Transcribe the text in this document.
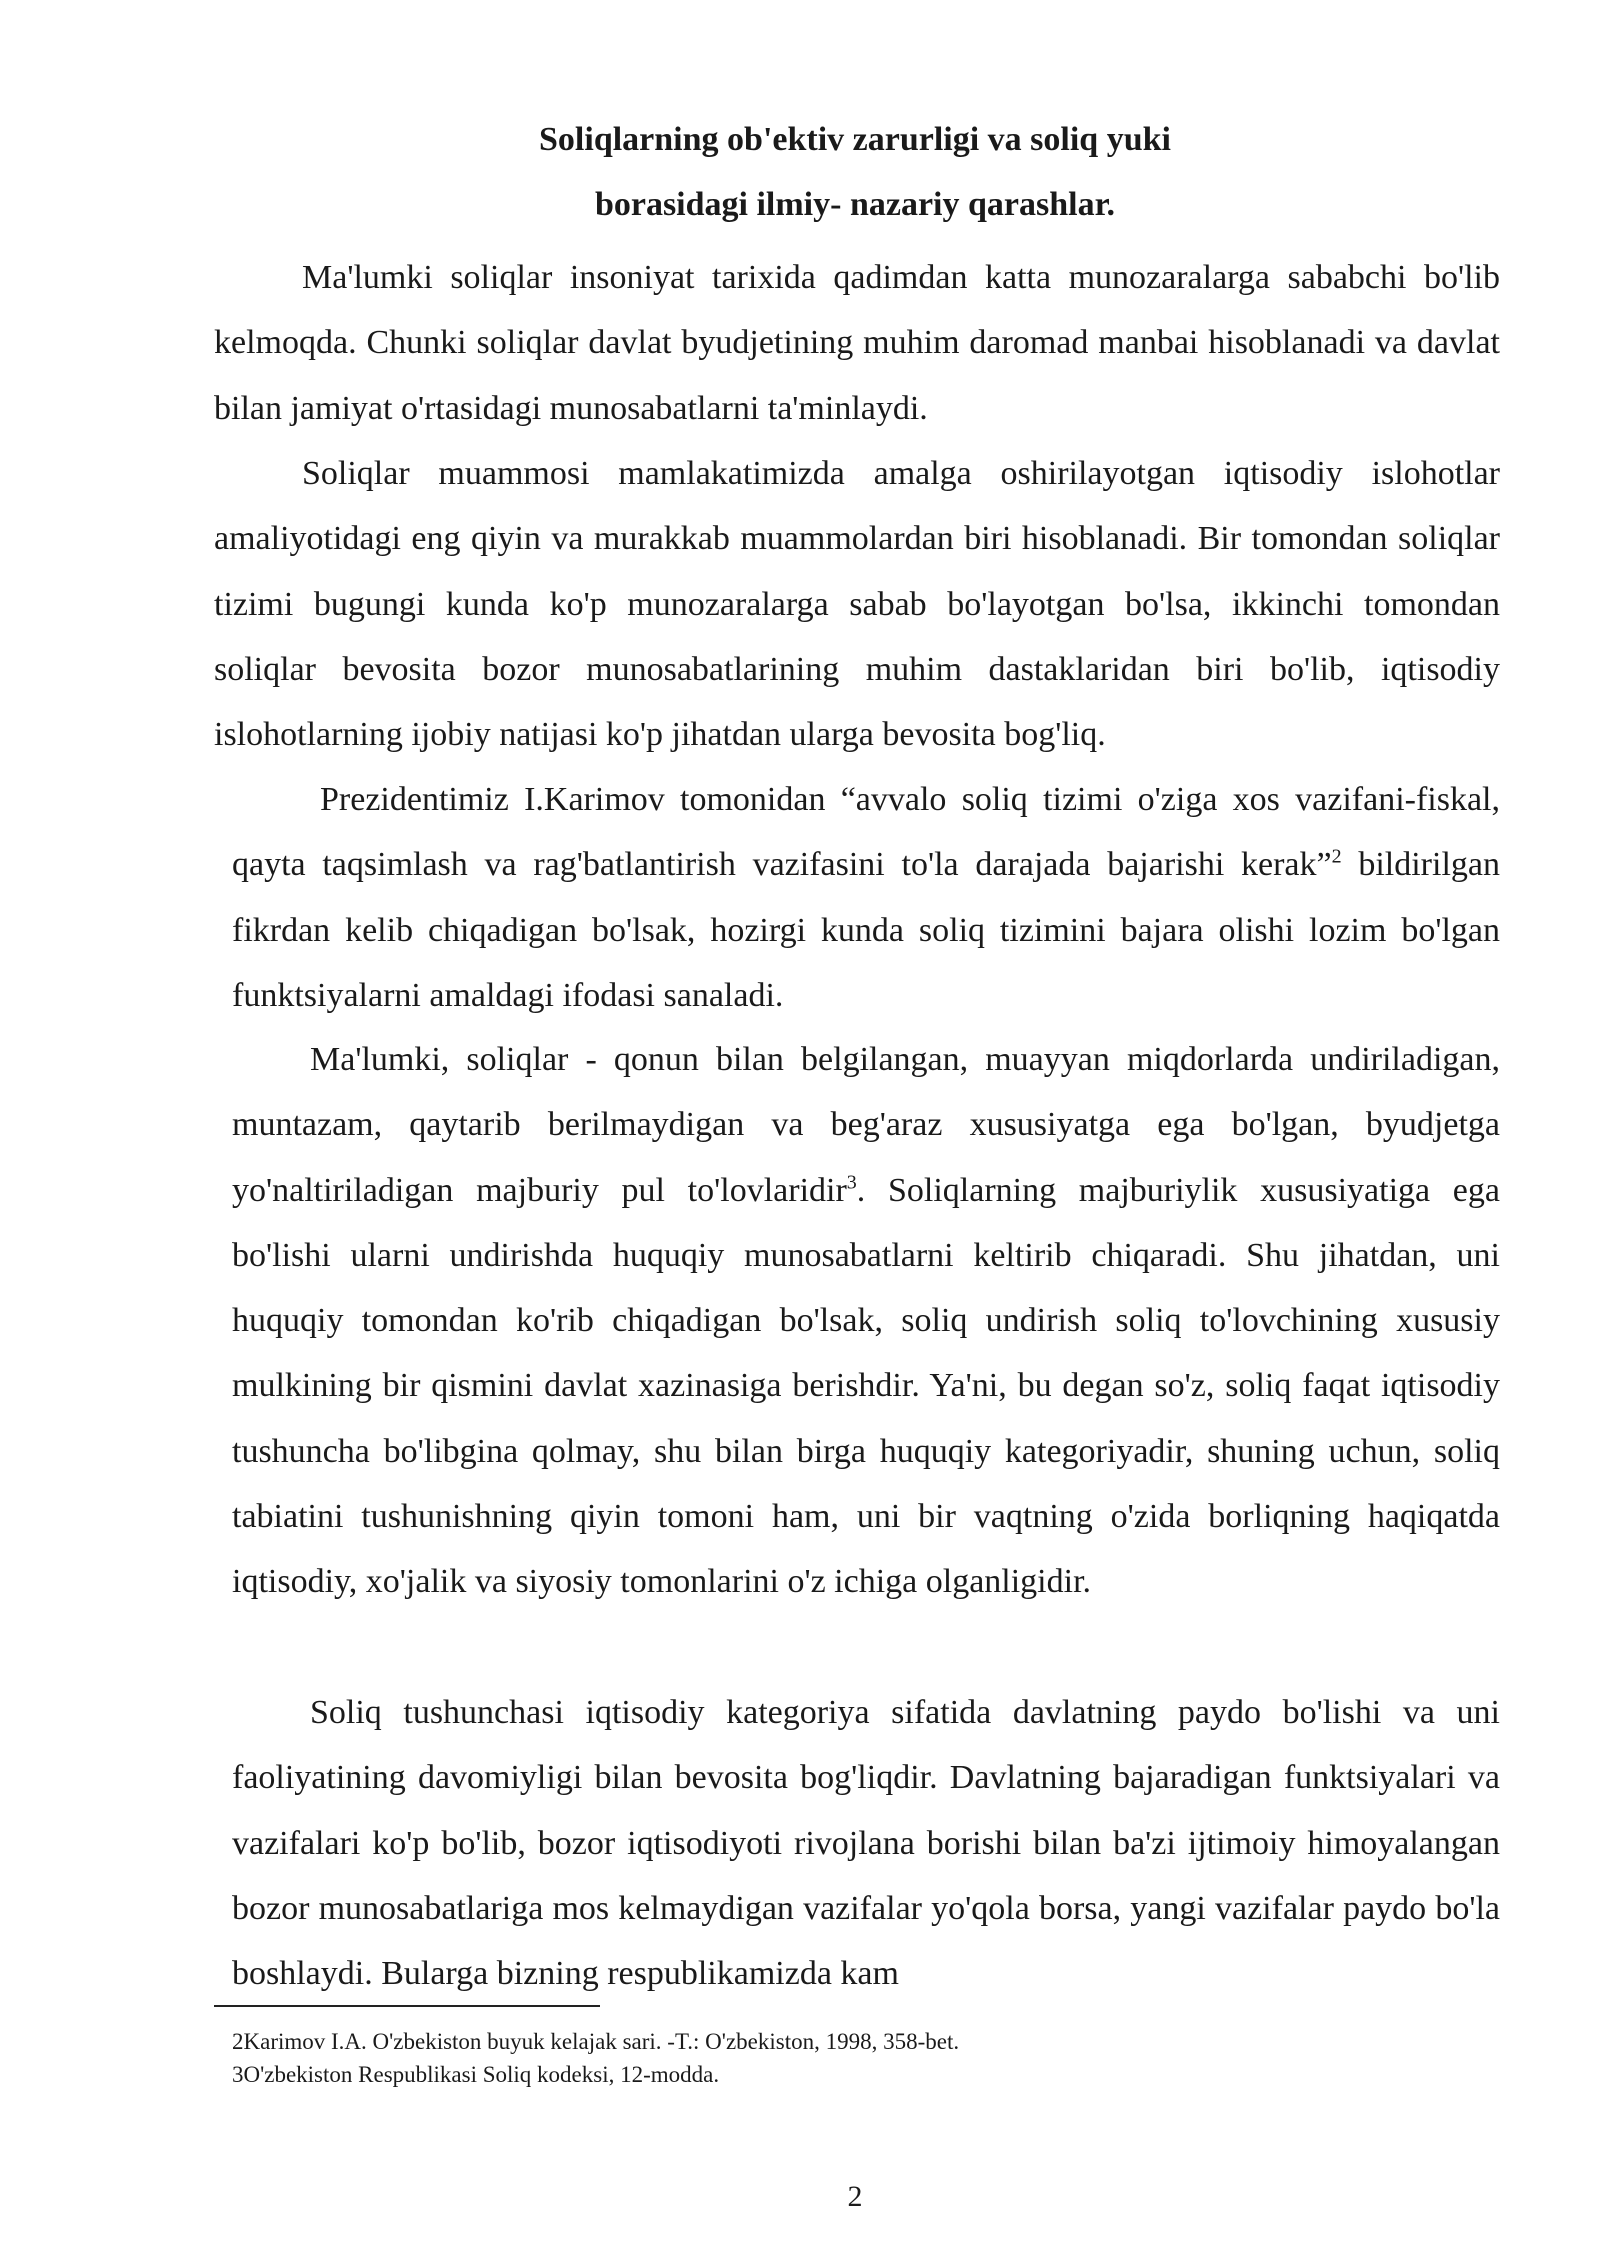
Soliqlarning ob'ektiv zarurligi va soliq yuki
borasidagi ilmiy- nazariy qarashlar.

Ma'lumki soliqlar insoniyat tarixida qadimdan katta munozaralarga sababchi bo'lib kelmoqda. Chunki soliqlar davlat byudjetining muhim daromad manbai hisoblanadi va davlat bilan jamiyat o'rtasidagi munosabatlarni ta'minlaydi.

Soliqlar muammosi mamlakatimizda amalga oshirilayotgan iqtisodiy islohotlar amaliyotidagi eng qiyin va murakkab muammolardan biri hisoblanadi. Bir tomondan soliqlar tizimi bugungi kunda ko'p munozaralarga sabab bo'layotgan bo'lsa, ikkinchi tomondan soliqlar bevosita bozor munosabatlarining muhim dastaklaridan biri bo'lib, iqtisodiy islohotlarning ijobiy natijasi ko'p jihatdan ularga bevosita bog'liq.

Prezidentimiz I.Karimov tomonidan “avvalo soliq tizimi o'ziga xos vazifani-fiskal, qayta taqsimlash va rag'batlantirish vazifasini to'la darajada bajarishi kerak”$^2$ bildirilgan fikrdan kelib chiqadigan bo'lsak, hozirgi kunda soliq tizimini bajara olishi lozim bo'lgan funktsiyalarni amaldagi ifodasi sanaladi.

Ma'lumki, soliqlar - qonun bilan belgilangan, muayyan miqdorlarda undiriladigan, muntazam, qaytarib berilmaydigan va beg'araz xususiyatga ega bo'lgan, byudjetga yo'naltiriladigan majburiy pul to'lovlaridir$^3$. Soliqlarning majburiylik xususiyatiga ega bo'lishi ularni undirishda huquqiy munosabatlarni keltirib chiqaradi. Shu jihatdan, uni huquqiy tomondan ko'rib chiqadigan bo'lsak, soliq undirish soliq to'lovchining xususiy mulkining bir qismini davlat xazinasiga berishdir. Ya'ni, bu degan so'z, soliq faqat iqtisodiy tushuncha bo'libgina qolmay, shu bilan birga huquqiy kategoriyadir, shuning uchun, soliq tabiatini tushunishning qiyin tomoni ham, uni bir vaqtning o'zida borliqning haqiqatda iqtisodiy, xo'jalik va siyosiy tomonlarini o'z ichiga olganligidir.

Soliq tushunchasi iqtisodiy kategoriya sifatida davlatning paydo bo'lishi va uni faoliyatining davomiyligi bilan bevosita bog'liqdir. Davlatning bajaradigan funktsiyalari va vazifalari ko'p bo'lib, bozor iqtisodiyoti rivojlana borishi bilan ba'zi ijtimoiy himoyalangan bozor munosabatlariga mos kelmaydigan vazifalar yo'qola borsa, yangi vazifalar paydo bo'la boshlaydi. Bularga bizning respublikamizda kam

2Karimov I.A. O'zbekiston buyuk kelajak sari. -T.: O'zbekiston, 1998, 358-bet.
3O'zbekiston Respublikasi Soliq kodeksi, 12-modda.
2
